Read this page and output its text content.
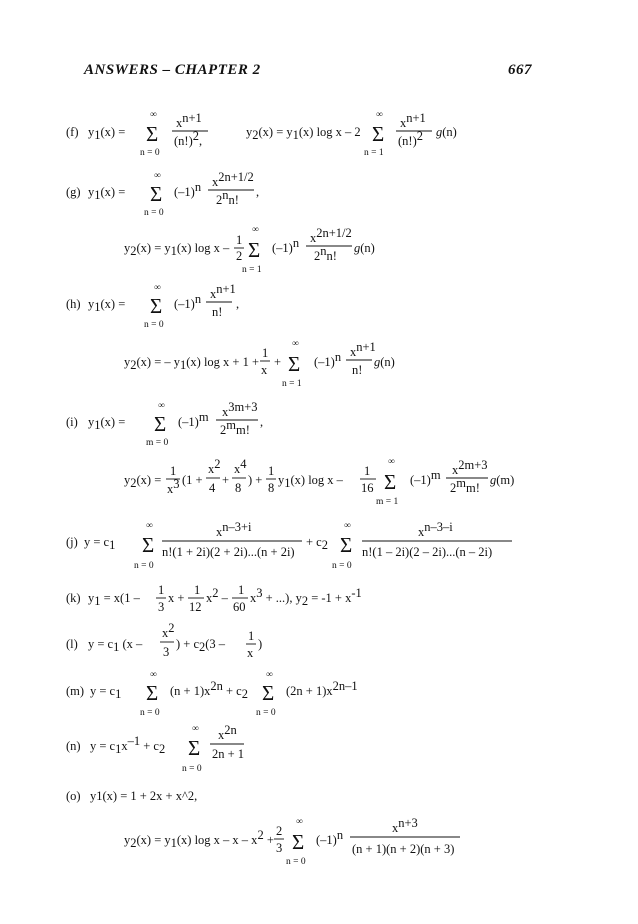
ANSWERS – CHAPTER 2	667
(f) y1(x) =
∞
Σ
n = 0
xn+1
(n!)2,
y2(x) = y1(x) log x – 2
∞
Σ
n = 1
xn+1
(n!)2 g(n)
(g) y1(x) =
∞
Σ
n = 0
(–1)n x2n+1/2
2nn!
,
y2(x) = y1(x) log x –
1
2
∞
Σ
n = 1
(–1)n x2n+1/2
2nn!
g(n)
(h) y1(x) =
∞
Σ
n = 0
(–1)n xn+1
n!
,
y2(x) = – y1(x) log x + 1 +
1
x
+
∞
Σ
n = 1
(–1)n xn+1
n!
g(n)
(i) y1(x) =
∞
Σ
m = 0
(–1)m x3m+3
2mm!
,
y2(x) =
1
x3 (1 +
x2
4
+
x4
8
) +
1
8
y1(x) log x –
1
16
∞
Σ
m = 1
(–1)m x2m+3
2mm!
g(m)
(j) y = c1
∞
Σ
n = 0
xn–3+i
n!(1 + 2i)(2 + 2i)...(n + 2i)
+ c2
∞
Σ
n = 0
xn–3–i
n!(1 – 2i)(2 – 2i)...(n – 2i)
(k) y1 = x(1 –
1
3
x +
1
12
x2 –
1
60
x3 + ...), y2 = -1 + x-1
(l) y = c1 (x –
x2
3
) + c2(3 –
1
x
)
(m) y = c1
∞
Σ
n = 0
(n + 1)x2n + c2
∞
Σ
n = 0
(2n + 1)x2n–1
(n) y = c1x–1 + c2
∞
Σ
n = 0
x2n
2n + 1
(o) y1(x) = 1 + 2x + x^2,
y2(x) = y1(x) log x – x – x2 +
2
3
∞
Σ
n = 0
(–1)n	xn+3
(n + 1)(n + 2)(n + 3)
